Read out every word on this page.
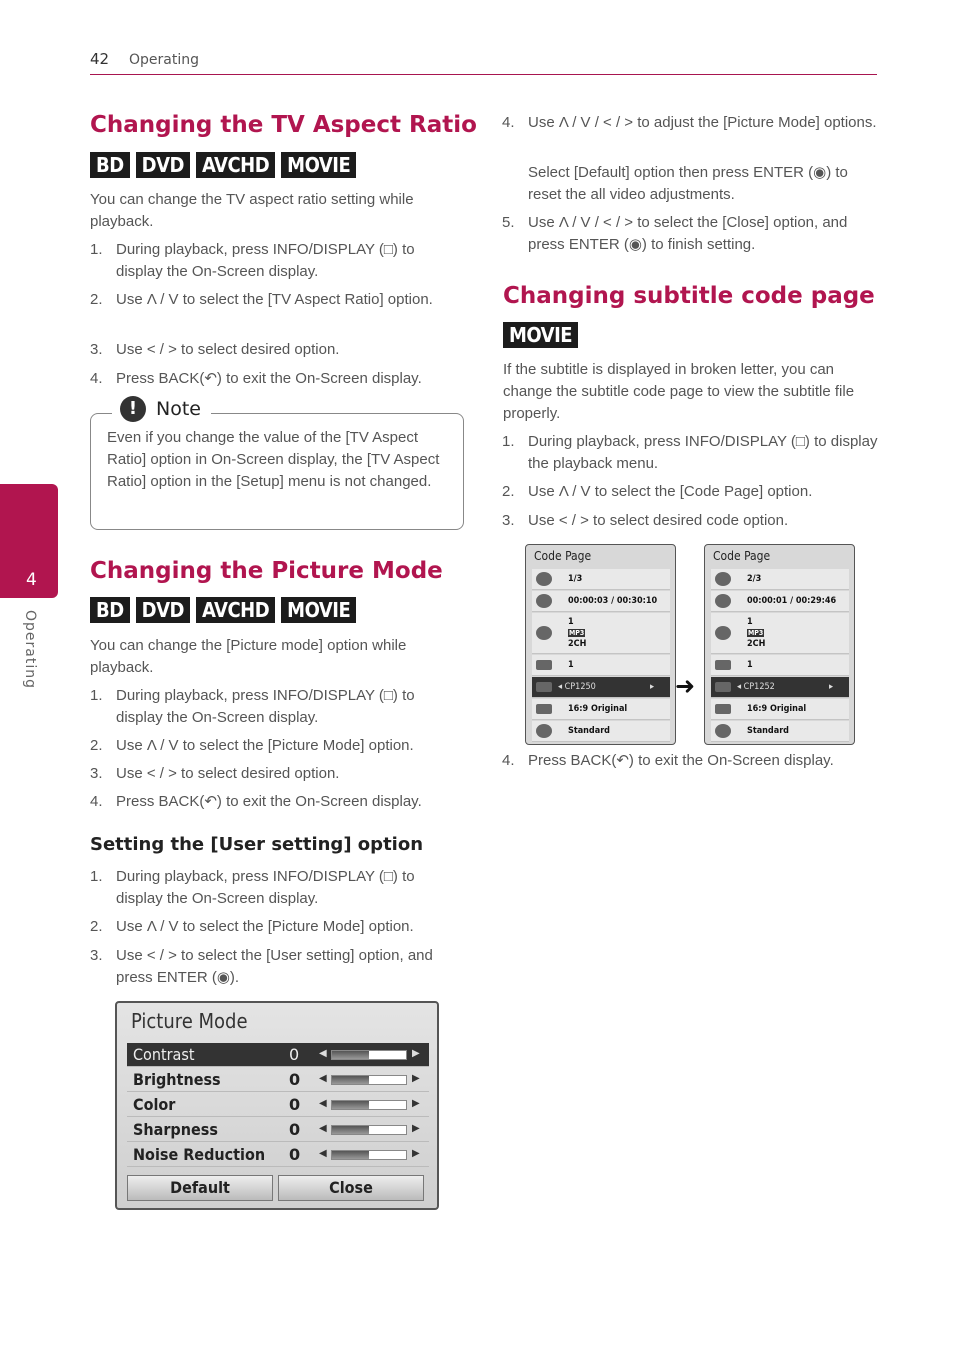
42 Operating
4
Operating
Changing the TV Aspect Ratio
BD DVD AVCHD MOVIE
You can change the TV aspect ratio setting while playback.
1. During playback, press INFO/DISPLAY (□) to display the On-Screen display.
2. Use Λ / V to select the [TV Aspect Ratio] option.
3. Use < / > to select desired option.
4. Press BACK(↶) to exit the On-Screen display.
! Note
Even if you change the value of the [TV Aspect Ratio] option in On-Screen display, the [TV Aspect Ratio] option in the [Setup] menu is not changed.
Changing the Picture Mode
BD DVD AVCHD MOVIE
You can change the [Picture mode] option while playback.
1. During playback, press INFO/DISPLAY (□) to display the On-Screen display.
2. Use Λ / V to select the [Picture Mode] option.
3. Use < / > to select desired option.
4. Press BACK(↶) to exit the On-Screen display.
Setting the [User setting] option
1. During playback, press INFO/DISPLAY (□) to display the On-Screen display.
2. Use Λ / V to select the [Picture Mode] option.
3. Use < / > to select the [User setting] option, and press ENTER (◉).
Picture Mode
Contrast	0 ◀	▶
Brightness	0 ◀	▶
Color	0 ◀	▶
Sharpness	0 ◀	▶
Noise Reduction 0 ◀	▶
Default	Close
4. Use Λ / V / < / > to adjust the [Picture Mode] options.
Select [Default] option then press ENTER (◉) to reset the all video adjustments.
5. Use Λ / V / < / > to select the [Close] option, and press ENTER (◉) to finish setting.
Changing subtitle code page
MOVIE
If the subtitle is displayed in broken letter, you can change the subtitle code page to view the subtitle file properly.
1. During playback, press INFO/DISPLAY (□) to display the playback menu.
2. Use Λ / V to select the [Code Page] option.
3. Use < / > to select desired code option.
Code Page
1/3
00:00:03 / 00:30:10
1
MP3
2CH
1
◂ CP1250	▸
16:9 Original
Standard
➜
Code Page
2/3
00:00:01 / 00:29:46
1
MP3
2CH
1
◂ CP1252	▸
16:9 Original
Standard
4. Press BACK(↶) to exit the On-Screen display.
